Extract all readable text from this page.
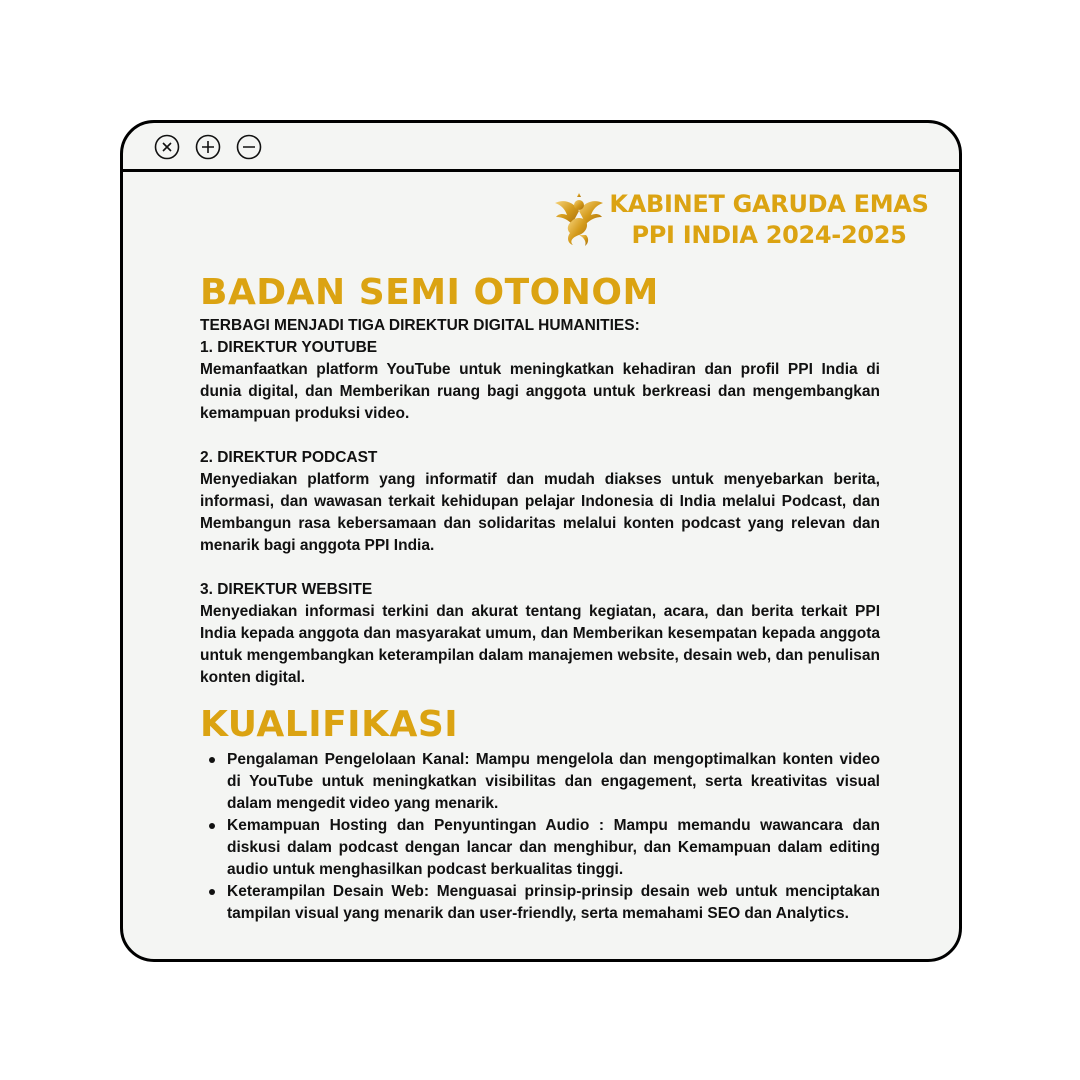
KABINET GARUDA EMAS
PPI INDIA 2024-2025
BADAN SEMI OTONOM

TERBAGI MENJADI TIGA DIREKTUR DIGITAL HUMANITIES:

1. DIREKTUR YOUTUBE

Memanfaatkan platform YouTube untuk meningkatkan kehadiran dan profil PPI India di dunia digital, dan Memberikan ruang bagi anggota untuk berkreasi dan mengembangkan kemampuan produksi video.

2. DIREKTUR PODCAST

Menyediakan platform yang informatif dan mudah diakses untuk menyebarkan berita, informasi, dan wawasan terkait kehidupan pelajar Indonesia di India melalui Podcast, dan Membangun rasa kebersamaan dan solidaritas melalui konten podcast yang relevan dan menarik bagi anggota PPI India.

3. DIREKTUR WEBSITE

Menyediakan informasi terkini dan akurat tentang kegiatan, acara, dan berita terkait PPI India kepada anggota dan masyarakat umum, dan Memberikan kesempatan kepada anggota untuk mengembangkan keterampilan dalam manajemen website, desain web, dan penulisan konten digital.

KUALIFIKASI
Pengalaman Pengelolaan Kanal: Mampu mengelola dan mengoptimalkan konten video di YouTube untuk meningkatkan visibilitas dan engagement, serta kreativitas visual dalam mengedit video yang menarik.
Kemampuan Hosting dan Penyuntingan Audio : Mampu memandu wawancara dan diskusi dalam podcast dengan lancar dan menghibur, dan Kemampuan dalam editing audio untuk menghasilkan podcast berkualitas tinggi.
Keterampilan Desain Web: Menguasai prinsip-prinsip desain web untuk menciptakan tampilan visual yang menarik dan user-friendly, serta memahami SEO dan Analytics.
